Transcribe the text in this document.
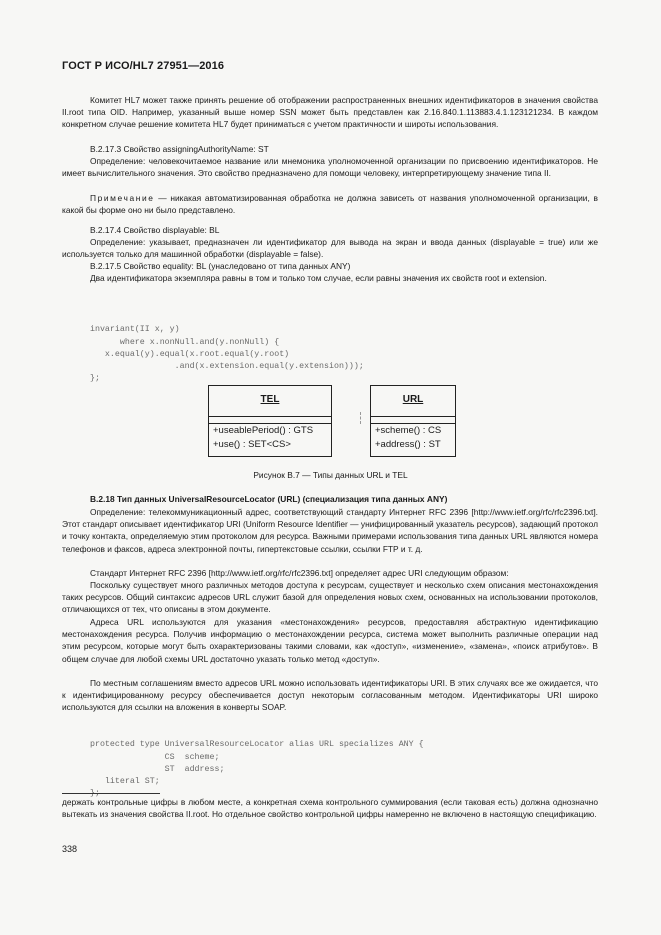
ГОСТ Р ИСО/HL7 27951—2016
Комитет HL7 может также принять решение об отображении распространенных внешних идентификаторов в значения свойства II.root типа OID. Например, указанный выше номер SSN может быть представлен как 2.16.840.1.113883.4.1.123121234. В каждом конкретном случае решение комитета HL7 будет приниматься с учетом практичности и широты использования.
B.2.17.3 Свойство assigningAuthorityName: ST
Определение: человекочитаемое название или мнемоника уполномоченной организации по присвоению идентификаторов. Не имеет вычислительного значения. Это свойство предназначено для помощи человеку, интерпретирующему значение типа II.
Примечание — никакая автоматизированная обработка не должна зависеть от названия уполномоченной организации, в какой бы форме оно ни было представлено.
B.2.17.4 Свойство displayable: BL
Определение: указывает, предназначен ли идентификатор для вывода на экран и ввода данных (displayable = true) или же используется только для машинной обработки (displayable = false).
B.2.17.5 Свойство equality: BL (унаследовано от типа данных ANY)
Два идентификатора экземпляра равны в том и только том случае, если равны значения их свойств root и extension.

invariant(II x, y)
where x.nonNull.and(y.nonNull) {
x.equal(y).equal(x.root.equal(y.root)
.and(x.extension.equal(y.extension)));
};

TEL
+useablePeriod() : GTS
+use() : SET<CS>
URL
+scheme() : CS
+address() : ST
Рисунок B.7 — Типы данных URL и TEL
B.2.18 Тип данных UniversalResourceLocator (URL) (специализация типа данных ANY)
Определение: телекоммуникационный адрес, соответствующий стандарту Интернет RFC 2396 [http://www.ietf.org/rfc/rfc2396.txt]. Этот стандарт описывает идентификатор URI (Uniform Resource Identifier — унифицированный указатель ресурсов), задающий протокол и точку контакта, определяемую этим протоколом для ресурса. Важными примерами использования типа данных URL являются номера телефонов и факсов, адреса электронной почты, гипертекстовые ссылки, ссылки FTP и т. д.
Стандарт Интернет RFC 2396 [http://www.ietf.org/rfc/rfc2396.txt] определяет адрес URI следующим образом:
Поскольку существует много различных методов доступа к ресурсам, существует и несколько схем описания местонахождения таких ресурсов. Общий синтаксис адресов URL служит базой для определения новых схем, основанных на использовании протоколов, отличающихся от тех, что описаны в этом документе.
Адреса URL используются для указания «местонахождения» ресурсов, предоставляя абстрактную идентификацию местонахождения ресурса. Получив информацию о местонахождении ресурса, система может выполнить различные операции над этим ресурсом, которые могут быть охарактеризованы такими словами, как «доступ», «изменение», «замена», «поиск атрибутов». В общем случае для любой схемы URL достаточно указать только метод «доступ».
По местным соглашениям вместо адресов URL можно использовать идентификаторы URI. В этих случаях все же ожидается, что к идентифицированному ресурсу обеспечивается доступ некоторым согласованным методом. Идентификаторы URI широко используются для ссылки на вложения в конверты SOAP.

protected type UniversalResourceLocator alias URL specializes ANY {
CS  scheme;
ST  address;
literal ST;
};

держать контрольные цифры в любом месте, а конкретная схема контрольного суммирования (если таковая есть) должна однозначно вытекать из значения свойства II.root. Но отдельное свойство контрольной цифры намеренно не включено в настоящую спецификацию.
338
